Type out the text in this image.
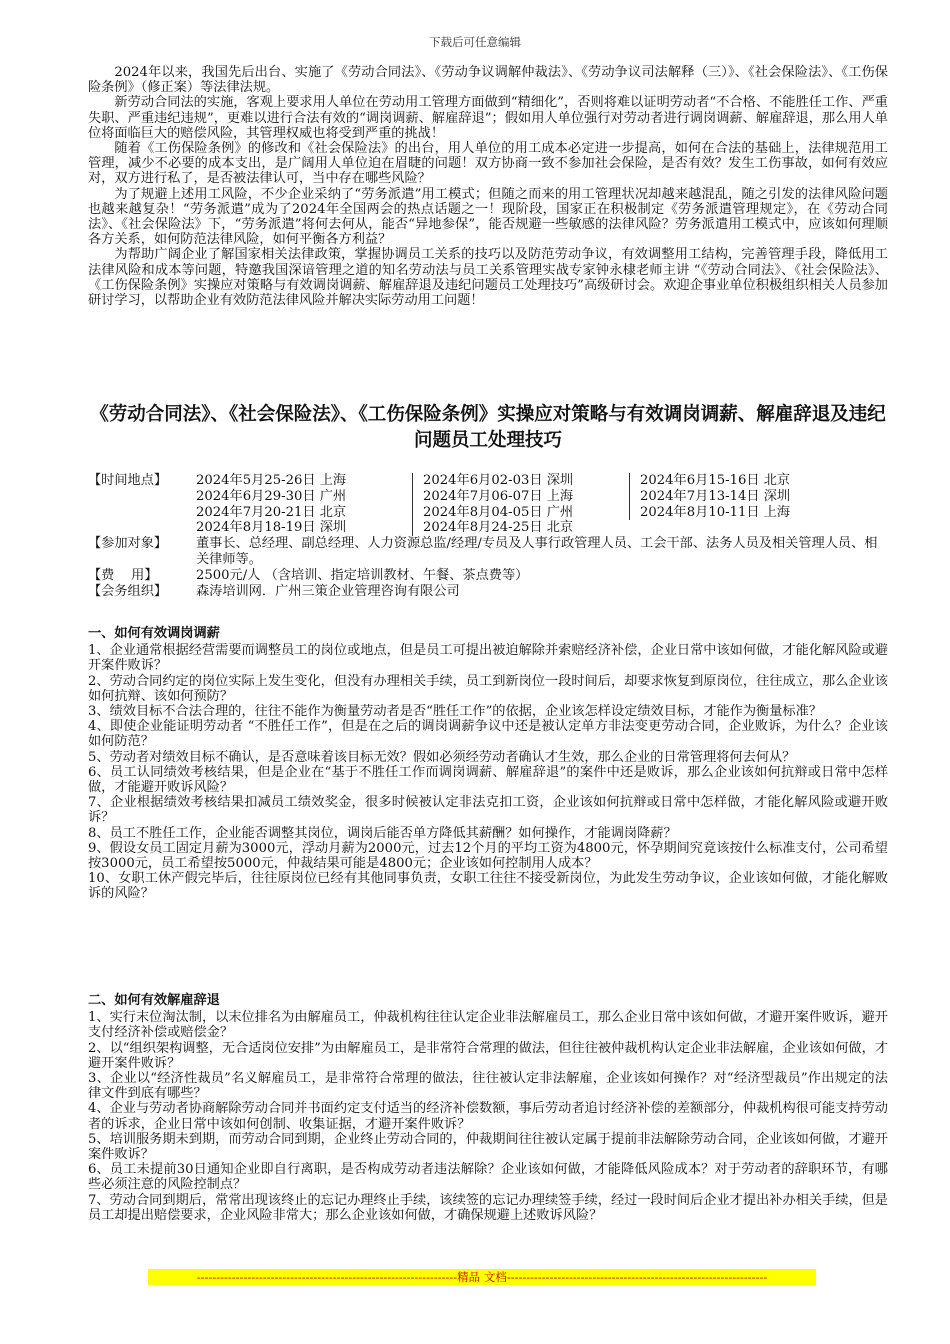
下载后可任意编辑

2024年以来，我国先后出台、实施了《劳动合同法》、《劳动争议调解仲裁法》、《劳动争议司法解释（三）》、《社会保险法》、《工伤保险条例》（修正案）等法律法规。

新劳动合同法的实施，客观上要求用人单位在劳动用工管理方面做到“精细化”，否则将难以证明劳动者“不合格、不能胜任工作、严重失职、严重违纪违规”，更难以进行合法有效的“调岗调薪、解雇辞退”；假如用人单位强行对劳动者进行调岗调薪、解雇辞退，那么用人单位将面临巨大的赔偿风险，其管理权威也将受到严重的挑战！

随着《工伤保险条例》的修改和《社会保险法》的出台，用人单位的用工成本必定进一步提高，如何在合法的基础上，法律规范用工管理，减少不必要的成本支出，是广阔用人单位迫在眉睫的问题！双方协商一致不参加社会保险，是否有效？发生工伤事故，如何有效应对，双方进行私了，是否被法律认可，当中存在哪些风险？

为了规避上述用工风险，不少企业采纳了“劳务派遣”用工模式；但随之而来的用工管理状况却越来越混乱，随之引发的法律风险问题也越来越复杂！“劳务派遣”成为了2024年全国两会的热点话题之一！现阶段，国家正在积极制定《劳务派遣管理规定》，在《劳动合同法》、《社会保险法》下，“劳务派遣”将何去何从，能否“异地参保”，能否规避一些敏感的法律风险？劳务派遣用工模式中，应该如何理顺各方关系，如何防范法律风险，如何平衡各方利益？

为帮助广阔企业了解国家相关法律政策，掌握协调员工关系的技巧以及防范劳动争议，有效调整用工结构，完善管理手段，降低用工法律风险和成本等问题，特邀我国深谙管理之道的知名劳动法与员工关系管理实战专家钟永棣老师主讲 “《劳动合同法》、《社会保险法》、《工伤保险条例》实操应对策略与有效调岗调薪、解雇辞退及违纪问题员工处理技巧”高级研讨会。欢迎企事业单位积极组织相关人员参加研讨学习，以帮助企业有效防范法律风险并解决实际劳动用工问题！

《劳动合同法》、《社会保险法》、《工伤保险条例》实操应对策略与有效调岗调薪、解雇辞退及违纪问题员工处理技巧
【时间地点】	2024年5月25-26日 上海	2024年6月02-03日 深圳	2024年6月15-16日 北京
2024年6月29-30日 广州	2024年7月06-07日 上海	2024年7月13-14日 深圳
2024年7月20-21日 北京	2024年8月04-05日 广州	2024年8月10-11日 上海
2024年8月18-19日 深圳	2024年8月24-25日 北京
【参加对象】	董事长、总经理、副总经理、人力资源总监/经理/专员及人事行政管理人员、工会干部、法务人员及相关管理人员、相关律师等。
【费    用】	2500元/人 （含培训、指定培训教材、午餐、茶点费等）
【会务组织】	森涛培训网．广州三策企业管理咨询有限公司
一、如何有效调岗调薪

1、企业通常根据经营需要而调整员工的岗位或地点，但是员工可提出被迫解除并索赔经济补偿，企业日常中该如何做，才能化解风险或避开案件败诉？

2、劳动合同约定的岗位实际上发生变化，但没有办理相关手续，员工到新岗位一段时间后，却要求恢复到原岗位，往往成立，那么企业该如何抗辩、该如何预防？

3、绩效目标不合法合理的，往往不能作为衡量劳动者是否“胜任工作”的依据，企业该怎样设定绩效目标，才能作为衡量标准？

4、即使企业能证明劳动者 “不胜任工作”，但是在之后的调岗调薪争议中还是被认定单方非法变更劳动合同，企业败诉，为什么？企业该如何防范？

5、劳动者对绩效目标不确认，是否意味着该目标无效？假如必须经劳动者确认才生效，那么企业的日常管理将何去何从？

6、员工认同绩效考核结果，但是企业在“基于不胜任工作而调岗调薪、解雇辞退”的案件中还是败诉，那么企业该如何抗辩或日常中怎样做，才能避开败诉风险？

7、企业根据绩效考核结果扣减员工绩效奖金，很多时候被认定非法克扣工资，企业该如何抗辩或日常中怎样做，才能化解风险或避开败诉？

8、员工不胜任工作，企业能否调整其岗位，调岗后能否单方降低其薪酬？如何操作，才能调岗降薪？

9、假设女员工固定月薪为3000元，浮动月薪为2000元，过去12个月的平均工资为4800元，怀孕期间究竟该按什么标准支付，公司希望按3000元，员工希望按5000元，仲裁结果可能是4800元；企业该如何控制用人成本？

10、女职工休产假完毕后，往往原岗位已经有其他同事负责，女职工往往不接受新岗位，为此发生劳动争议，企业该如何做，才能化解败诉的风险？

二、如何有效解雇辞退

1、实行末位淘汰制，以末位排名为由解雇员工，仲裁机构往往认定企业非法解雇员工，那么企业日常中该如何做，才避开案件败诉，避开支付经济补偿或赔偿金？

2、以“组织架构调整，无合适岗位安排”为由解雇员工，是非常符合常理的做法，但往往被仲裁机构认定企业非法解雇，企业该如何做，才避开案件败诉？

3、企业以“经济性裁员”名义解雇员工，是非常符合常理的做法，往往被认定非法解雇，企业该如何操作？对“经济型裁员”作出规定的法律文件到底有哪些？

4、企业与劳动者协商解除劳动合同并书面约定支付适当的经济补偿数额，事后劳动者追讨经济补偿的差额部分，仲裁机构很可能支持劳动者的诉求，企业日常中该如何创制、收集证据，才避开案件败诉？

5、培训服务期未到期，而劳动合同到期，企业终止劳动合同的，仲裁期间往往被认定属于提前非法解除劳动合同，企业该如何做，才避开案件败诉？

6、员工未提前30日通知企业即自行离职，是否构成劳动者违法解除？企业该如何做，才能降低风险成本？对于劳动者的辞职环节，有哪些必须注意的风险控制点？

7、劳动合同到期后，常常出现该终止的忘记办理终止手续，该续签的忘记办理续签手续，经过一段时间后企业才提出补办相关手续，但是员工却提出赔偿要求，企业风险非常大；那么企业该如何做，才确保规避上述败诉风险？

-------------------------------------------------------------------精品 文档-------------------------------------------------------------------
